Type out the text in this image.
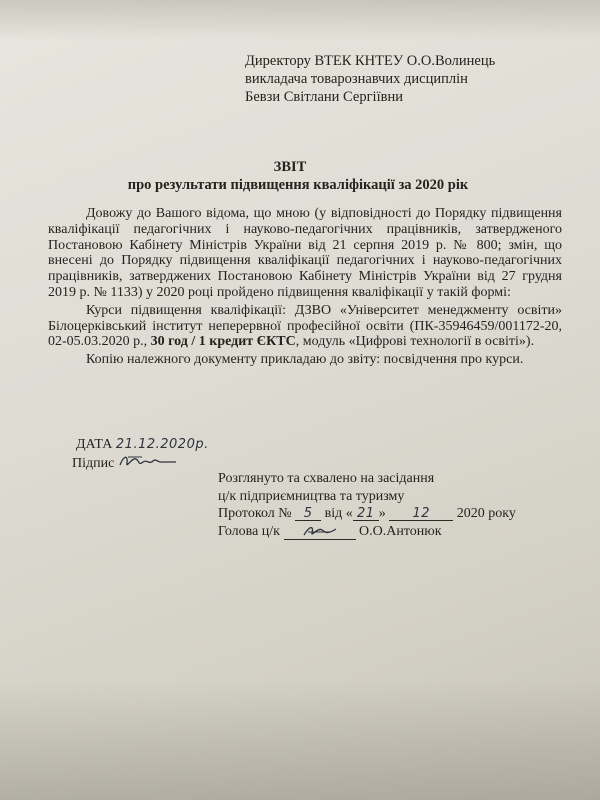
Директору ВТЕК КНТЕУ О.О.Волинець
викладача товарознавчих дисциплін
Бевзи Світлани Сергіївни
ЗВІТ
про результати підвищення кваліфікації за 2020 рік

Довожу до Вашого відома, що мною (у відповідності до Порядку підвищення кваліфікації педагогічних і науково-педагогічних працівників, затвердженого Постановою Кабінету Міністрів України від 21 серпня 2019 р. № 800; змін, що внесені до Порядку підвищення кваліфікації педагогічних і науково-педагогічних працівників, затверджених Постановою Кабінету Міністрів України від 27 грудня 2019 р. № 1133) у 2020 році пройдено підвищення кваліфікації у такій формі:

Курси підвищення кваліфікації: ДЗВО «Університет менеджменту освіти» Білоцерківський інститут неперервної професійної освіти (ПК-35946459/001172-20, 02-05.03.2020 р., 30 год / 1 кредит ЄКТС, модуль «Цифрові технології в освіті»).

Копію належного документу прикладаю до звіту: посвідчення про курси.

ДАТА 21.12.2020р.
Підпис
Розглянуто та схвалено на засідання
ц/к підприємництва та туризму
Протокол № 5 від « 21 » 12 2020 року
Голова ц/к	О.О.Антонюк
